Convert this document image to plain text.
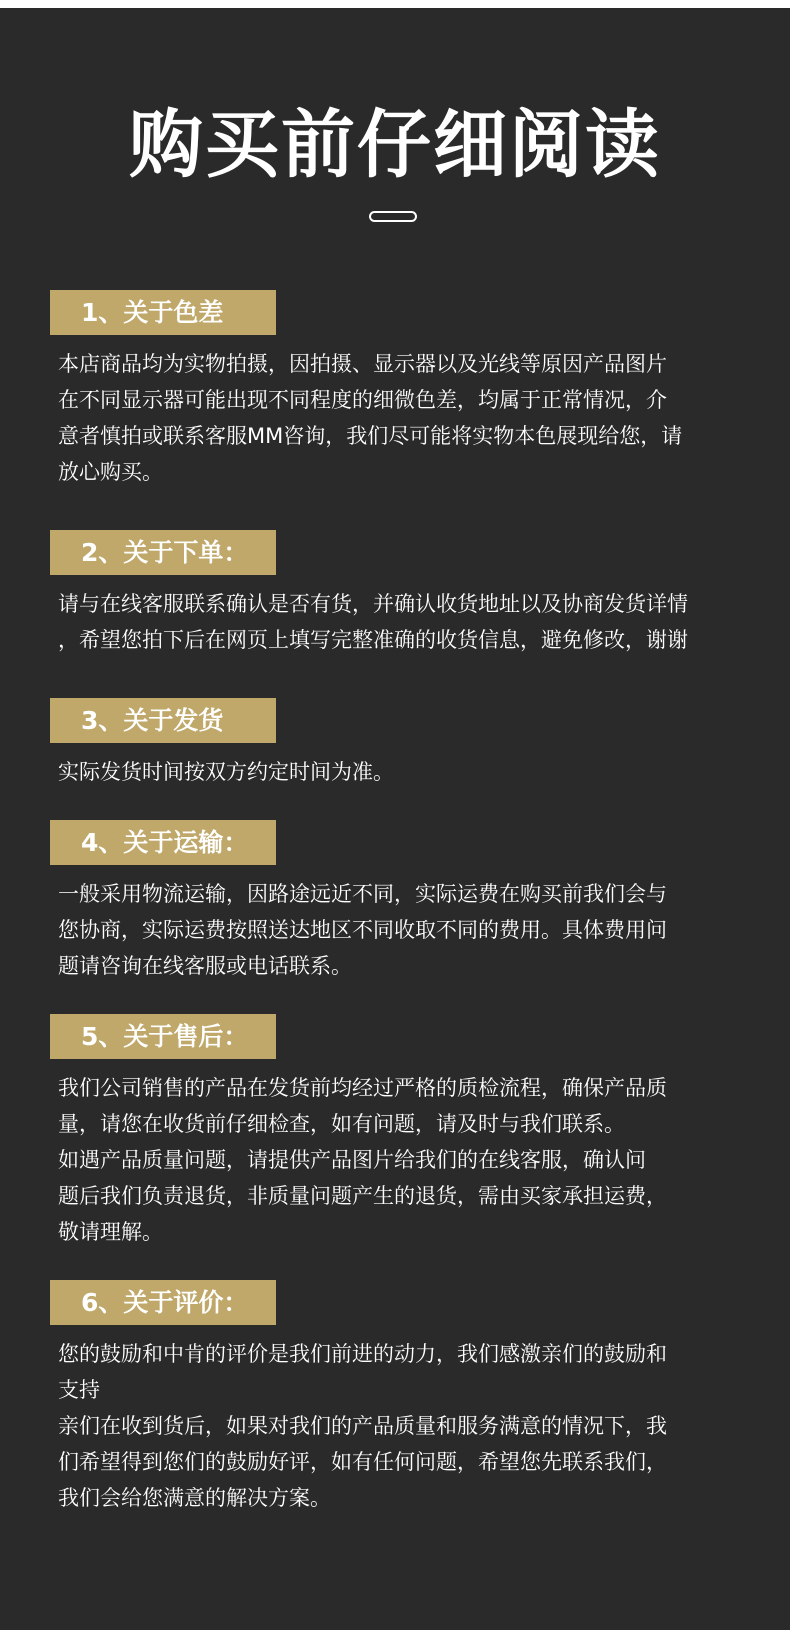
购买前仔细阅读
1、关于色差
本店商品均为实物拍摄，因拍摄、显示器以及光线等原因产品图片
在不同显示器可能出现不同程度的细微色差，均属于正常情况，介
意者慎拍或联系客服MM咨询，我们尽可能将实物本色展现给您，请
放心购买。
2、关于下单：
请与在线客服联系确认是否有货，并确认收货地址以及协商发货详情
，希望您拍下后在网页上填写完整准确的收货信息，避免修改，谢谢
3、关于发货
实际发货时间按双方约定时间为准。
4、关于运输：
一般采用物流运输，因路途远近不同，实际运费在购买前我们会与
您协商，实际运费按照送达地区不同收取不同的费用。具体费用问
题请咨询在线客服或电话联系。
5、关于售后：
我们公司销售的产品在发货前均经过严格的质检流程，确保产品质
量，请您在收货前仔细检查，如有问题，请及时与我们联系。
如遇产品质量问题，请提供产品图片给我们的在线客服，确认问
题后我们负责退货，非质量问题产生的退货，需由买家承担运费，
敬请理解。
6、关于评价：
您的鼓励和中肯的评价是我们前进的动力，我们感激亲们的鼓励和
支持
亲们在收到货后，如果对我们的产品质量和服务满意的情况下，我
们希望得到您们的鼓励好评，如有任何问题，希望您先联系我们，
我们会给您满意的解决方案。
